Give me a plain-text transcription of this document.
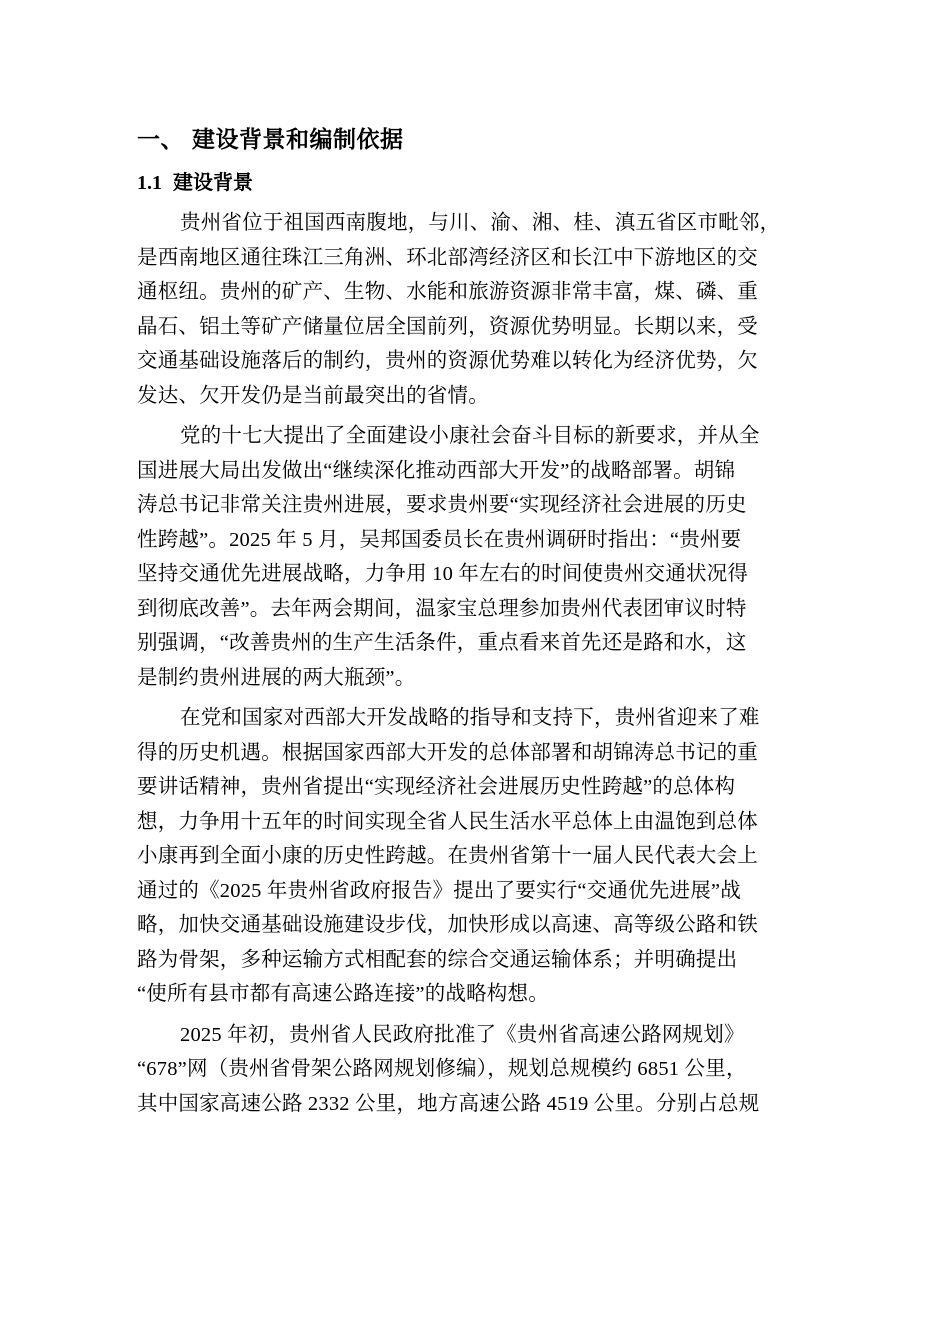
一、 建设背景和编制依据
1.1 建设背景
贵州省位于祖国西南腹地，与川、渝、湘、桂、滇五省区市毗邻，
是西南地区通往珠江三角洲、环北部湾经济区和长江中下游地区的交
通枢纽。贵州的矿产、生物、水能和旅游资源非常丰富，煤、磷、重
晶石、铝土等矿产储量位居全国前列，资源优势明显。长期以来，受
交通基础设施落后的制约，贵州的资源优势难以转化为经济优势，欠
发达、欠开发仍是当前最突出的省情。
党的十七大提出了全面建设小康社会奋斗目标的新要求，并从全
国进展大局出发做出“继续深化推动西部大开发”的战略部署。胡锦
涛总书记非常关注贵州进展，要求贵州要“实现经济社会进展的历史
性跨越”。2025 年 5 月，吴邦国委员长在贵州调研时指出：“贵州要
坚持交通优先进展战略，力争用 10 年左右的时间使贵州交通状况得
到彻底改善”。去年两会期间，温家宝总理参加贵州代表团审议时特
别强调，“改善贵州的生产生活条件，重点看来首先还是路和水，这
是制约贵州进展的两大瓶颈”。
在党和国家对西部大开发战略的指导和支持下，贵州省迎来了难
得的历史机遇。根据国家西部大开发的总体部署和胡锦涛总书记的重
要讲话精神，贵州省提出“实现经济社会进展历史性跨越”的总体构
想，力争用十五年的时间实现全省人民生活水平总体上由温饱到总体
小康再到全面小康的历史性跨越。在贵州省第十一届人民代表大会上
通过的《2025 年贵州省政府报告》提出了要实行“交通优先进展”战
略，加快交通基础设施建设步伐，加快形成以高速、高等级公路和铁
路为骨架，多种运输方式相配套的综合交通运输体系；并明确提出
“使所有县市都有高速公路连接”的战略构想。
2025 年初，贵州省人民政府批准了《贵州省高速公路网规划》
“678”网（贵州省骨架公路网规划修编），规划总规模约 6851 公里，
其中国家高速公路 2332 公里，地方高速公路 4519 公里。分别占总规
